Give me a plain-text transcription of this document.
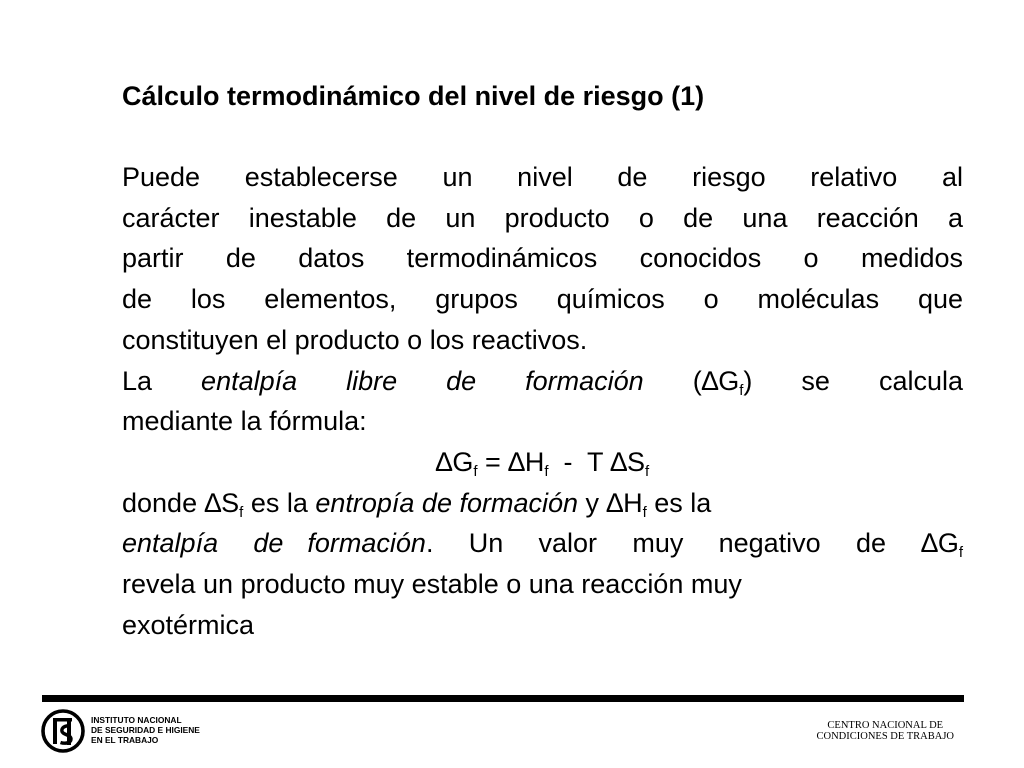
Cálculo termodinámico del nivel de riesgo (1)
Puede establecerse un nivel de riesgo relativo al
carácter inestable de un producto o de una reacción a
partir de datos termodinámicos conocidos o medidos
de los elementos, grupos químicos o moléculas que
constituyen el producto o los reactivos.
La entalpía libre de formación $(\Delta G_f)$ se calcula
mediante la fórmula:
$\Delta G_f = \Delta H_f - T$ $\Delta S_f$
donde $\Delta S_f$ es la entropía de formación y $\Delta H_f$ es la
entalpía de formación. Un valor muy negativo de $\Delta G_f$
revela un producto muy estable o una reacción muy
exotérmica
INSTITUTO NACIONAL
DE SEGURIDAD E HIGIENE
EN EL TRABAJO
CENTRO NACIONAL DE
CONDICIONES DE TRABAJO
